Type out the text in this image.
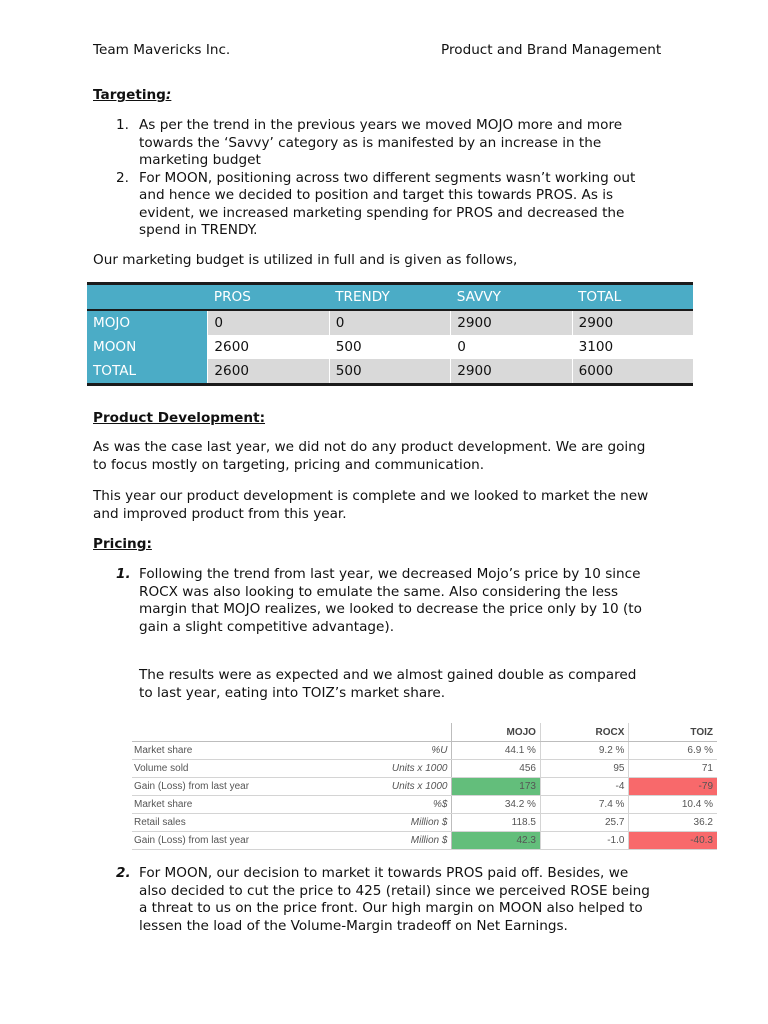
Team Mavericks Inc.	Product and Brand Management
Targeting:
1. As per the trend in the previous years we moved MOJO more and more
towards the ‘Savvy’ category as is manifested by an increase in the
marketing budget
2. For MOON, positioning across two different segments wasn’t working out
and hence we decided to position and target this towards PROS. As is
evident, we increased marketing spending for PROS and decreased the
spend in TRENDY.
Our marketing budget is utilized in full and is given as follows,
	PROS	TRENDY	SAVVY	TOTAL
MOJO	0	0	2900	2900
MOON	2600	500	0	3100
TOTAL	2600	500	2900	6000
Product Development:
As was the case last year, we did not do any product development. We are going
to focus mostly on targeting, pricing and communication.
This year our product development is complete and we looked to market the new
and improved product from this year.
Pricing:
1. Following the trend from last year, we decreased Mojo’s price by 10 since
ROCX was also looking to emulate the same. Also considering the less
margin that MOJO realizes, we looked to decrease the price only by 10 (to
gain a slight competitive advantage).
The results were as expected and we almost gained double as compared
to last year, eating into TOIZ’s market share.
		MOJO	ROCX	TOIZ
Market share	%U	44.1 %	9.2 %	6.9 %
Volume sold	Units x 1000	456	95	71
Gain (Loss) from last year	Units x 1000	173	-4	-79
Market share	%$	34.2 %	7.4 %	10.4 %
Retail sales	Million $	118.5	25.7	36.2
Gain (Loss) from last year	Million $	42.3	-1.0	-40.3
2. For MOON, our decision to market it towards PROS paid off. Besides, we
also decided to cut the price to 425 (retail) since we perceived ROSE being
a threat to us on the price front. Our high margin on MOON also helped to
lessen the load of the Volume-Margin tradeoff on Net Earnings.
